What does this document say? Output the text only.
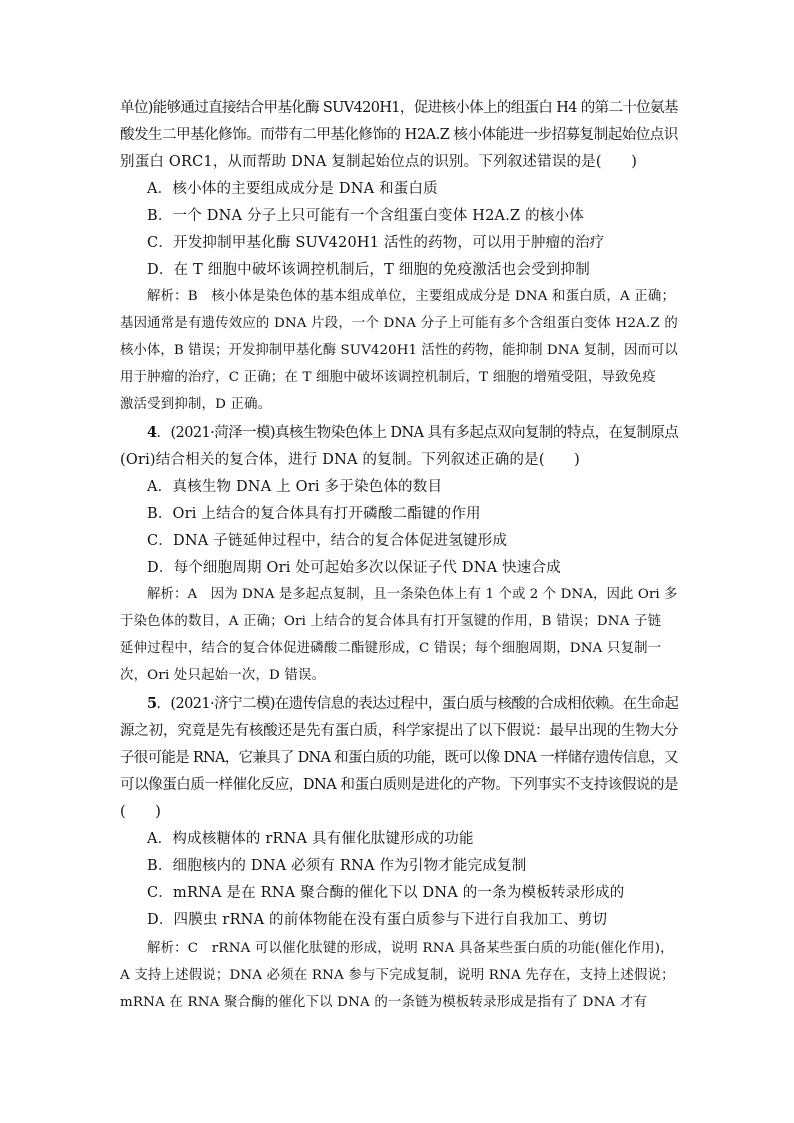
单位)能够通过直接结合甲基化酶 SUV420H1，促进核小体上的组蛋白 H4 的第二十位氨基
酸发生二甲基化修饰。而带有二甲基化修饰的 H2A.Z 核小体能进一步招募复制起始位点识
别蛋白 ORC1，从而帮助 DNA 复制起始位点的识别。下列叙述错误的是(　　)
A．核小体的主要组成成分是 DNA 和蛋白质
B．一个 DNA 分子上只可能有一个含组蛋白变体 H2A.Z 的核小体
C．开发抑制甲基化酶 SUV420H1 活性的药物，可以用于肿瘤的治疗
D．在 T 细胞中破坏该调控机制后，T 细胞的免疫激活也会受到抑制
解析：B　核小体是染色体的基本组成单位，主要组成成分是 DNA 和蛋白质，A 正确；
基因通常是有遗传效应的 DNA 片段，一个 DNA 分子上可能有多个含组蛋白变体 H2A.Z 的
核小体，B 错误；开发抑制甲基化酶 SUV420H1 活性的药物，能抑制 DNA 复制，因而可以
用于肿瘤的治疗，C 正确；在 T 细胞中破坏该调控机制后，T 细胞的增殖受阻，导致免疫
激活受到抑制，D 正确。
4．(2021·菏泽一模)真核生物染色体上 DNA 具有多起点双向复制的特点，在复制原点
(Ori)结合相关的复合体，进行 DNA 的复制。下列叙述正确的是(　　)
A．真核生物 DNA 上 Ori 多于染色体的数目
B．Ori 上结合的复合体具有打开磷酸二酯键的作用
C．DNA 子链延伸过程中，结合的复合体促进氢键形成
D．每个细胞周期 Ori 处可起始多次以保证子代 DNA 快速合成
解析：A　因为 DNA 是多起点复制，且一条染色体上有 1 个或 2 个 DNA，因此 Ori 多
于染色体的数目，A 正确；Ori 上结合的复合体具有打开氢键的作用，B 错误；DNA 子链
延伸过程中，结合的复合体促进磷酸二酯键形成，C 错误；每个细胞周期，DNA 只复制一
次，Ori 处只起始一次，D 错误。
5．(2021·济宁二模)在遗传信息的表达过程中，蛋白质与核酸的合成相依赖。在生命起
源之初，究竟是先有核酸还是先有蛋白质，科学家提出了以下假说：最早出现的生物大分
子很可能是 RNA，它兼具了 DNA 和蛋白质的功能，既可以像 DNA 一样储存遗传信息，又
可以像蛋白质一样催化反应，DNA 和蛋白质则是进化的产物。下列事实不支持该假说的是
(　　)
A．构成核糖体的 rRNA 具有催化肽键形成的功能
B．细胞核内的 DNA 必须有 RNA 作为引物才能完成复制
C．mRNA 是在 RNA 聚合酶的催化下以 DNA 的一条为模板转录形成的
D．四膜虫 rRNA 的前体物能在没有蛋白质参与下进行自我加工、剪切
解析：C　rRNA 可以催化肽键的形成，说明 RNA 具备某些蛋白质的功能(催化作用)，
A 支持上述假说；DNA 必须在 RNA 参与下完成复制，说明 RNA 先存在，支持上述假说；
mRNA 在 RNA 聚合酶的催化下以 DNA 的一条链为模板转录形成是指有了 DNA 才有
